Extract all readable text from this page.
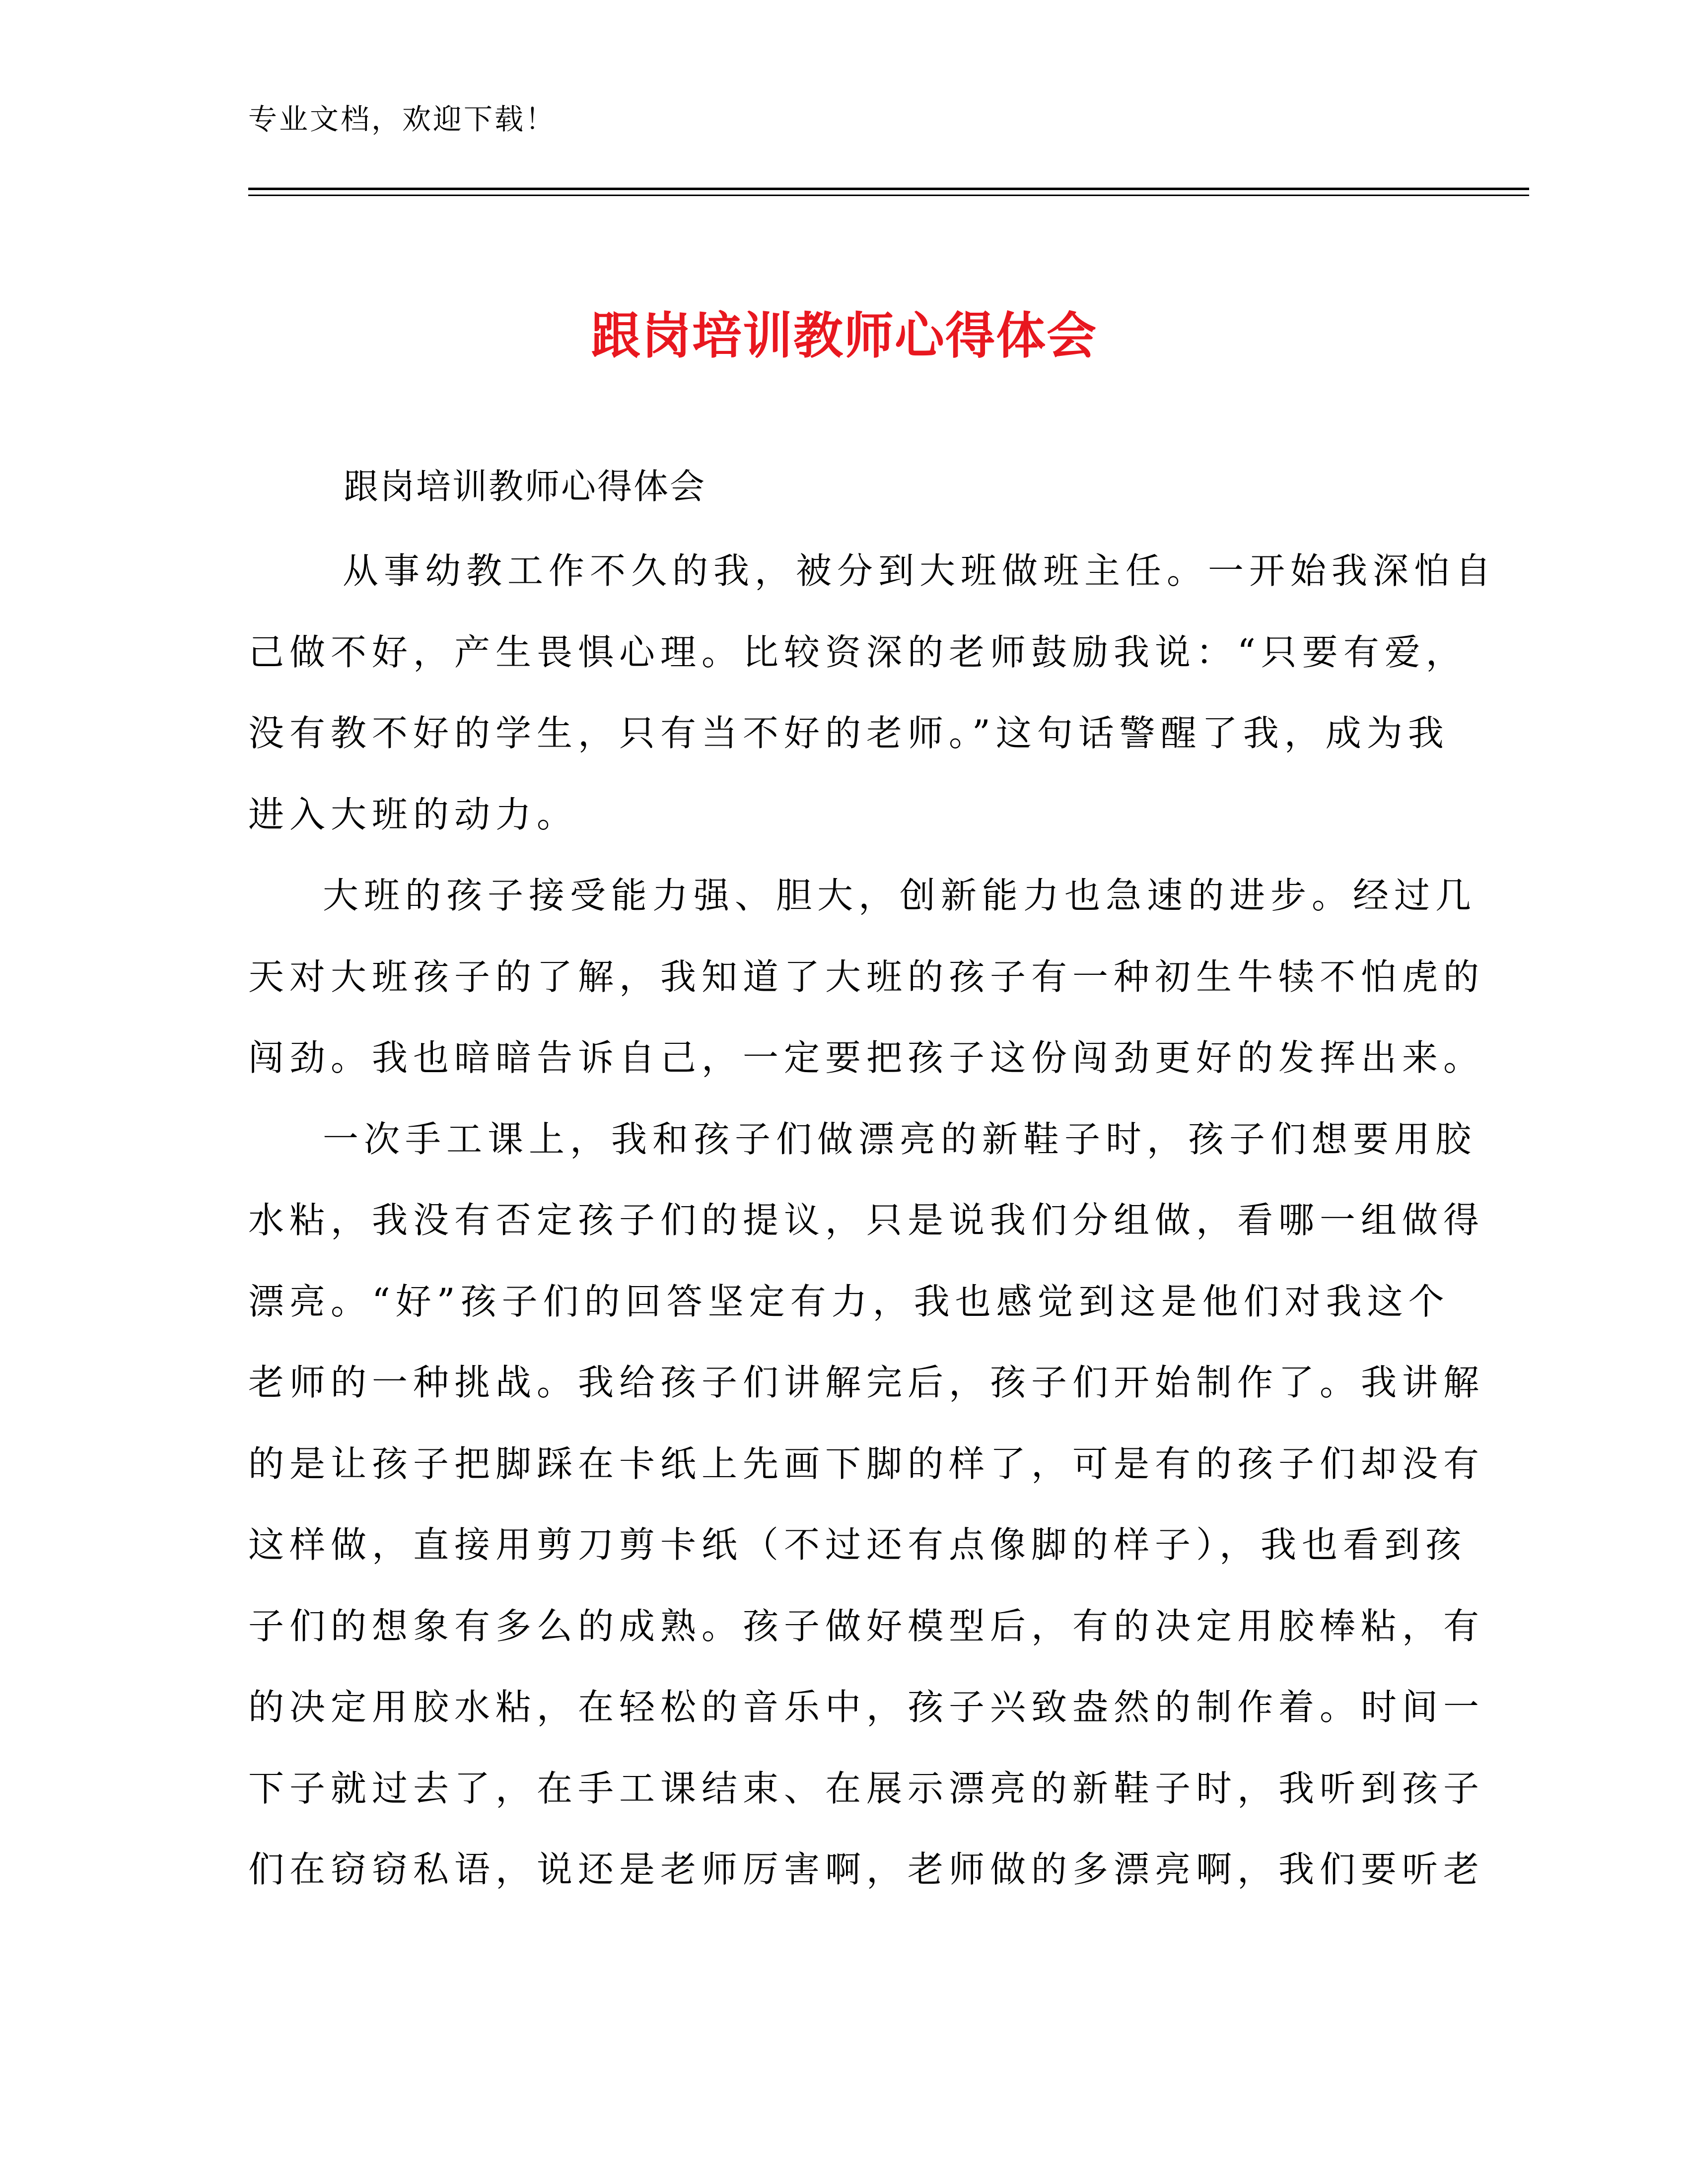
专业文档，欢迎下载！
跟岗培训教师心得体会
跟岗培训教师心得体会
从事幼教工作不久的我，被分到大班做班主任。一开始我深怕自
己做不好，产生畏惧心理。比较资深的老师鼓励我说：“只要有爱，
没有教不好的学生，只有当不好的老师。”这句话警醒了我，成为我
进入大班的动力。
大班的孩子接受能力强、胆大，创新能力也急速的进步。经过几
天对大班孩子的了解，我知道了大班的孩子有一种初生牛犊不怕虎的
闯劲。我也暗暗告诉自己，一定要把孩子这份闯劲更好的发挥出来。
一次手工课上，我和孩子们做漂亮的新鞋子时，孩子们想要用胶
水粘，我没有否定孩子们的提议，只是说我们分组做，看哪一组做得
漂亮。“好”孩子们的回答坚定有力，我也感觉到这是他们对我这个
老师的一种挑战。我给孩子们讲解完后，孩子们开始制作了。我讲解
的是让孩子把脚踩在卡纸上先画下脚的样了，可是有的孩子们却没有
这样做，直接用剪刀剪卡纸（不过还有点像脚的样子），我也看到孩
子们的想象有多么的成熟。孩子做好模型后，有的决定用胶棒粘，有
的决定用胶水粘，在轻松的音乐中，孩子兴致盎然的制作着。时间一
下子就过去了，在手工课结束、在展示漂亮的新鞋子时，我听到孩子
们在窃窃私语，说还是老师厉害啊，老师做的多漂亮啊，我们要听老
